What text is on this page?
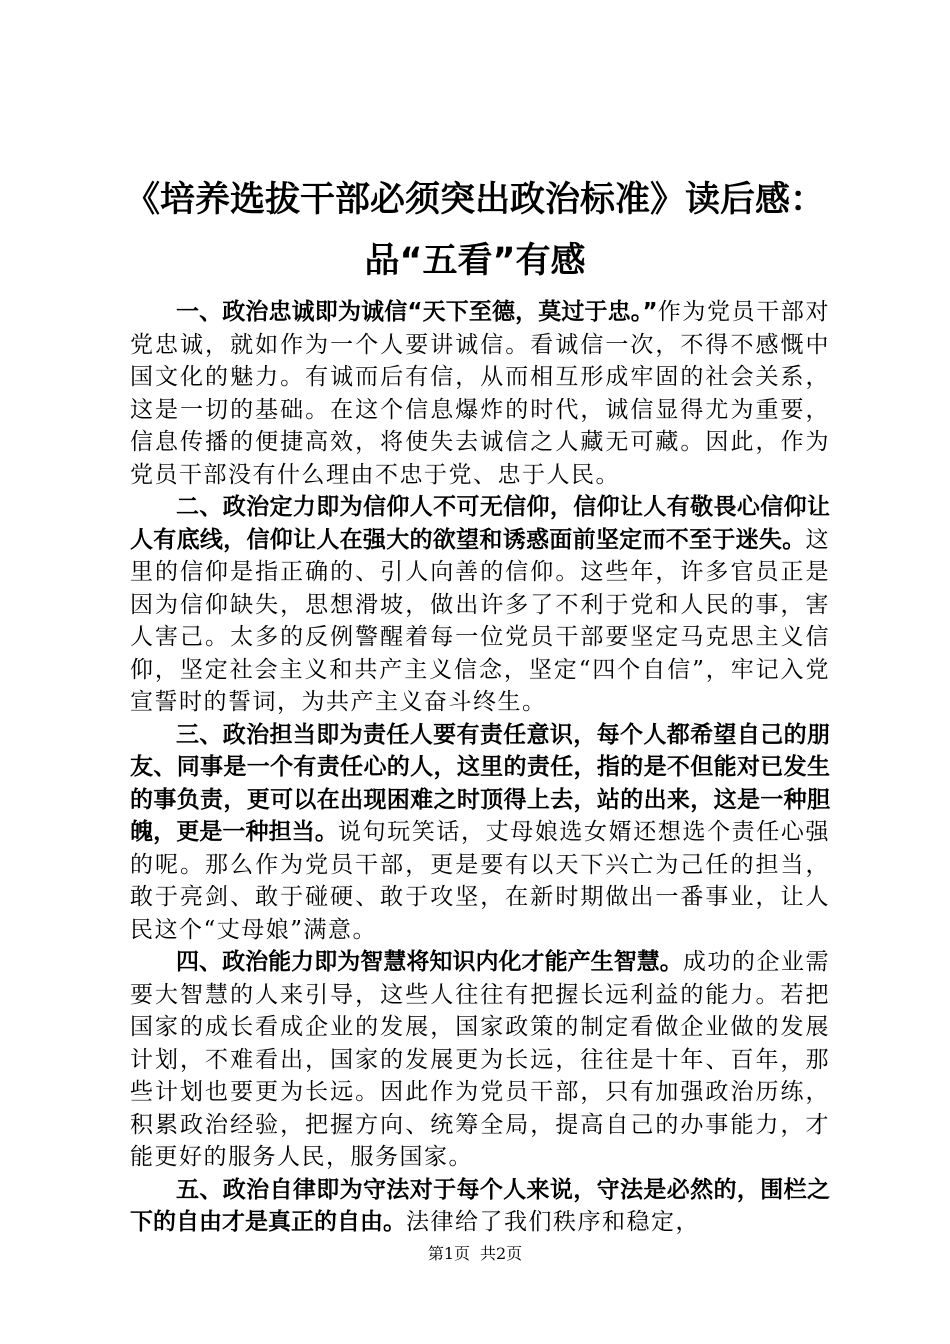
《培养选拔干部必须突出政治标准》读后感：
品“五看”有感

一、政治忠诚即为诚信“天下至德，莫过于忠。”作为党员干部对党忠诚，就如作为一个人要讲诚信。看诚信一次，不得不感慨中国文化的魅力。有诚而后有信，从而相互形成牢固的社会关系，这是一切的基础。在这个信息爆炸的时代，诚信显得尤为重要，信息传播的便捷高效，将使失去诚信之人藏无可藏。因此，作为党员干部没有什么理由不忠于党、忠于人民。

二、政治定力即为信仰人不可无信仰，信仰让人有敬畏心信仰让人有底线，信仰让人在强大的欲望和诱惑面前坚定而不至于迷失。这里的信仰是指正确的、引人向善的信仰。这些年，许多官员正是因为信仰缺失，思想滑坡，做出许多了不利于党和人民的事，害人害己。太多的反例警醒着每一位党员干部要坚定马克思主义信仰，坚定社会主义和共产主义信念，坚定“四个自信”，牢记入党宣誓时的誓词，为共产主义奋斗终生。

三、政治担当即为责任人要有责任意识，每个人都希望自己的朋友、同事是一个有责任心的人，这里的责任，指的是不但能对已发生的事负责，更可以在出现困难之时顶得上去，站的出来，这是一种胆魄，更是一种担当。说句玩笑话，丈母娘选女婿还想选个责任心强的呢。那么作为党员干部，更是要有以天下兴亡为己任的担当，敢于亮剑、敢于碰硬、敢于攻坚，在新时期做出一番事业，让人民这个“丈母娘”满意。

四、政治能力即为智慧将知识内化才能产生智慧。成功的企业需要大智慧的人来引导，这些人往往有把握长远利益的能力。若把国家的成长看成企业的发展，国家政策的制定看做企业做的发展计划，不难看出，国家的发展更为长远，往往是十年、百年，那些计划也要更为长远。因此作为党员干部，只有加强政治历练，积累政治经验，把握方向、统筹全局，提高自己的办事能力，才能更好的服务人民，服务国家。

五、政治自律即为守法对于每个人来说，守法是必然的，围栏之下的自由才是真正的自由。法律给了我们秩序和稳定，

第1页 共2页
